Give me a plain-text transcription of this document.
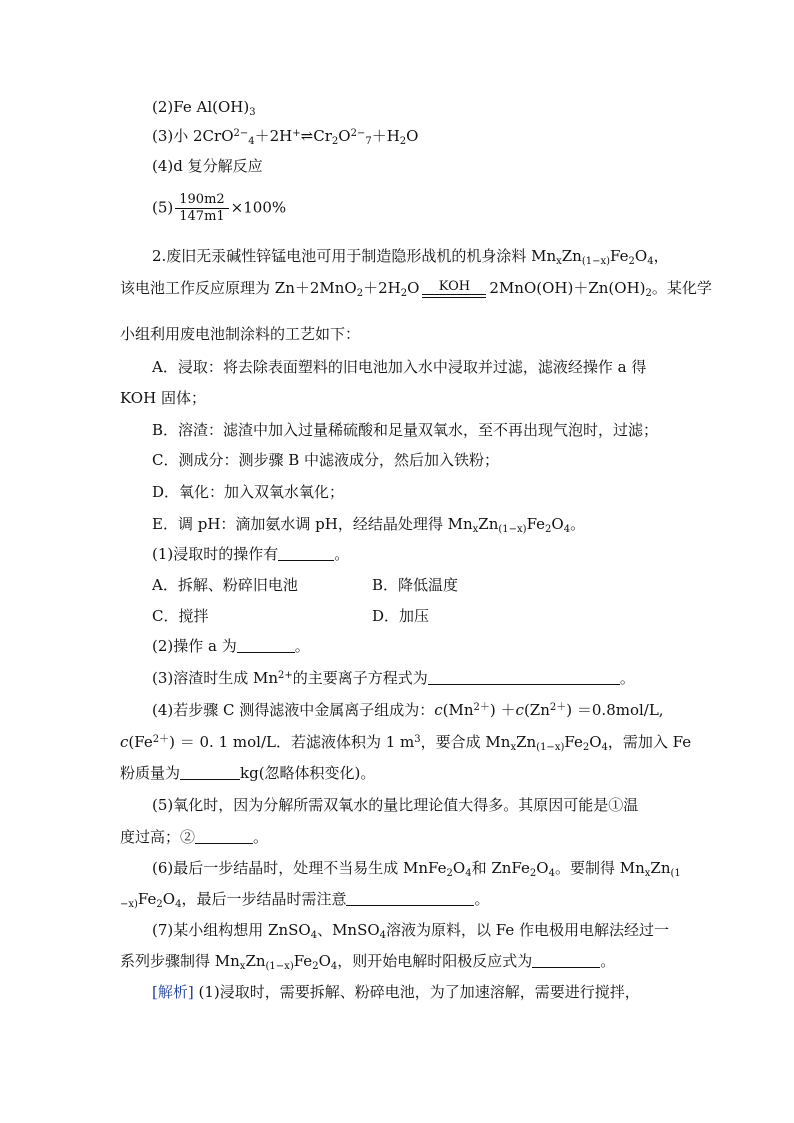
(2)Fe $Al(OH)_3$
(3)小 $2CrO^{2-}_4+2H^+\rightleftharpoons Cr_2O^{2-}_7+H_2O$
(4)d 复分解反应
$(5) \frac{190m2}{147m1} \times 100\%$
2.废旧无汞碱性锌锰电池可用于制造隐形战机的机身涂料 $Mn_xZn_{(1-x)}Fe_2O_4$，
该电池工作反应原理为 $Zn+2MnO_2+2H_2O$	KOH	$2MnO(OH)+Zn(OH)_2$。某化学
小组利用废电池制涂料的工艺如下：
A．浸取：将去除表面塑料的旧电池加入水中浸取并过滤，滤液经操作 a 得
KOH 固体；
B．溶渣：滤渣中加入过量稀硫酸和足量双氧水，至不再出现气泡时，过滤；
C．测成分：测步骤 B 中滤液成分，然后加入铁粉；
D．氧化：加入双氧水氧化；
E．调 pH：滴加氨水调 pH，经结晶处理得 $Mn_xZn_{(1-x)}Fe_2O_4$。
(1)浸取时的操作有	。
A．拆解、粉碎旧电池	B．降低温度
C．搅拌	D．加压
(2)操作 a 为	。
(3)溶渣时生成 $Mn^{2+}$的主要离子方程式为	。
(4)若步骤 C 测得滤液中金属离子组成为：$c(Mn^{2+}) +c(Zn^{2+}) =0.8mol/L$,
$c(Fe^{2+}) = 0$. 1 mol/L．若滤液体积为 1 $m^3$，要合成 $Mn_xZn_{(1-x)}Fe_2O_4$，需加入 Fe
粉质量为	kg(忽略体积变化)。
(5)氧化时，因为分解所需双氧水的量比理论值大得多。其原因可能是①温
度过高；②	。
(6)最后一步结晶时，处理不当易生成 $MnFe_2O_4$和 $ZnFe_2O_4$。要制得 $Mn_xZn_{(1}$
$_{-x)}Fe_2O_4$，最后一步结晶时需注意	。
(7)某小组构想用 ZnSO$_4$、MnSO$_4$溶液为原料，以 Fe 作电极用电解法经过一
系列步骤制得 $Mn_xZn_{(1-x)}Fe_2O_4$，则开始电解时阳极反应式为	。
[解析] (1)浸取时，需要拆解、粉碎电池，为了加速溶解，需要进行搅拌，
